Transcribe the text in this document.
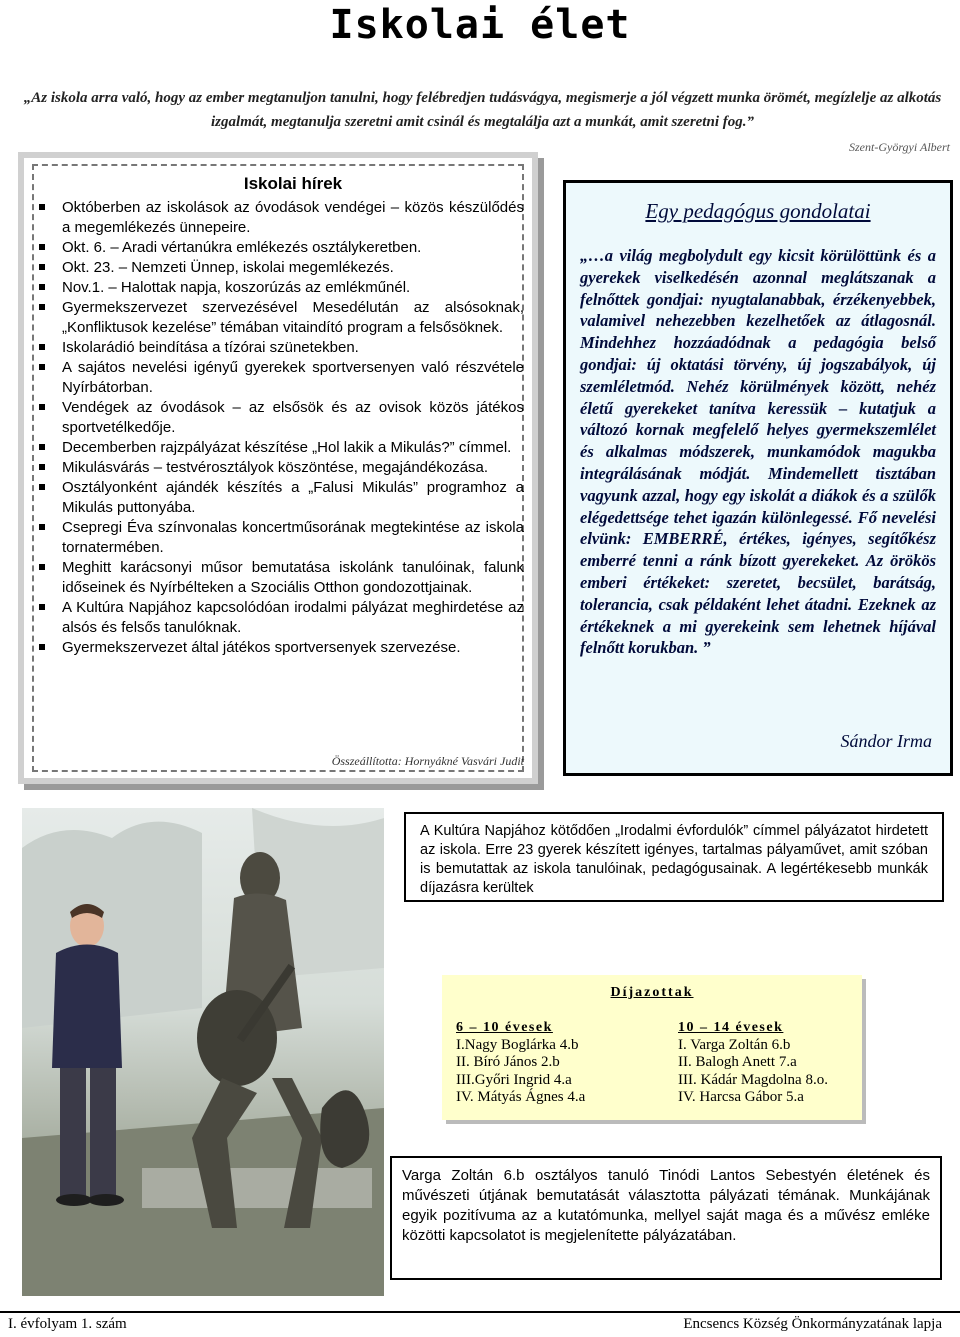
Iskolai élet
„Az iskola arra való, hogy az ember megtanuljon tanulni, hogy felébredjen tudásvágya, megismerje a jól végzett munka örömét, megízlelje az alkotás izgalmát, megtanulja szeretni amit csinál és megtalálja azt a munkát, amit szeretni fog.”
Szent-Györgyi Albert
Iskolai hírek
Októberben az iskolások az óvodások vendégei – közös készülődés a megemlékezés ünnepeire.
Okt. 6. – Aradi vértanúkra emlékezés osztálykeretben.
Okt. 23. – Nemzeti Ünnep, iskolai megemlékezés.
Nov.1. – Halottak napja, koszorúzás az emlékműnél.
Gyermekszervezet szervezésével Mesedélután az alsósoknak, „Konfliktusok kezelése” témában vitaindító program a felsősöknek.
Iskolarádió beindítása a tízórai szünetekben.
A sajátos nevelési igényű gyerekek sportversenyen való részvétele Nyírbátorban.
Vendégek az óvodások – az elsősök és az ovisok közös játékos sportvetélkedője.
Decemberben rajzpályázat készítése „Hol lakik a Mikulás?” címmel.
Mikulásvárás – testvérosztályok köszöntése, megajándékozása.
Osztályonként ajándék készítés a „Falusi Mikulás” programhoz a Mikulás puttonyába.
Csepregi Éva színvonalas koncertműsorának megtekintése az iskola tornatermében.
Meghitt karácsonyi műsor bemutatása iskolánk tanulóinak, falunk időseinek és Nyírbélteken a Szociális Otthon gondozottjainak.
A Kultúra Napjához kapcsolódóan irodalmi pályázat meghirdetése az alsós és felsős tanulóknak.
Gyermekszervezet által játékos sportversenyek szervezése.
Összeállította: Hornyákné Vasvári Judit
Egy pedagógus gondolatai
„…a világ megbolydult egy kicsit körülöttünk és a gyerekek viselkedésén azonnal meglátszanak a felnőttek gondjai: nyugtalanabbak, érzékenyebbek, valamivel nehezebben kezelhetőek az átlagosnál. Mindehhez hozzáadódnak a pedagógia belső gondjai: új oktatási törvény, új jogszabályok, új szemléletmód. Nehéz körülmények között, nehéz életű gyerekeket tanítva keressük – kutatjuk a változó kornak megfelelő helyes gyermekszemlélet és alkalmas módszerek, munkamódok magukba integrálásának módját. Mindemellett tisztában vagyunk azzal, hogy egy iskolát a diákok és a szülők elégedettsége tehet igazán különlegessé. Fő nevelési elvünk: EMBERRÉ, értékes, igényes, segítőkész emberré tenni a ránk bízott gyerekeket. Az örökös emberi értékeket: szeretet, becsület, barátság, tolerancia, csak példaként lehet átadni. Ezeknek az értékeknek a mi gyerekeink sem lehetnek híjával felnőtt korukban. ”
Sándor Irma
A Kultúra Napjához kötődően „Irodalmi évfordulók” címmel pályázatot hirdetett az iskola. Erre 23 gyerek készített igényes, tartalmas pályaművet, amit szóban is bemutattak az iskola tanulóinak, pedagógusainak. A legértékesebb munkák díjazásra kerültek
Díjazottak
6 – 10 évesek
I.Nagy Boglárka 4.b
II. Bíró János 2.b
III.Győri Ingrid 4.a
IV. Mátyás Ágnes 4.a
10 – 14 évesek
I. Varga Zoltán 6.b
II. Balogh Anett 7.a
III. Kádár Magdolna 8.o.
IV. Harcsa Gábor 5.a
Varga Zoltán 6.b osztályos tanuló Tinódi Lantos Sebestyén életének és művészeti útjának bemutatását választotta pályázati témának. Munkájának egyik pozitívuma az a kutatómunka, mellyel saját maga és a művész emléke közötti kapcsolatot is megjelenítette pályázatában.
I. évfolyam 1. szám	Encsencs Község Önkormányzatának lapja
